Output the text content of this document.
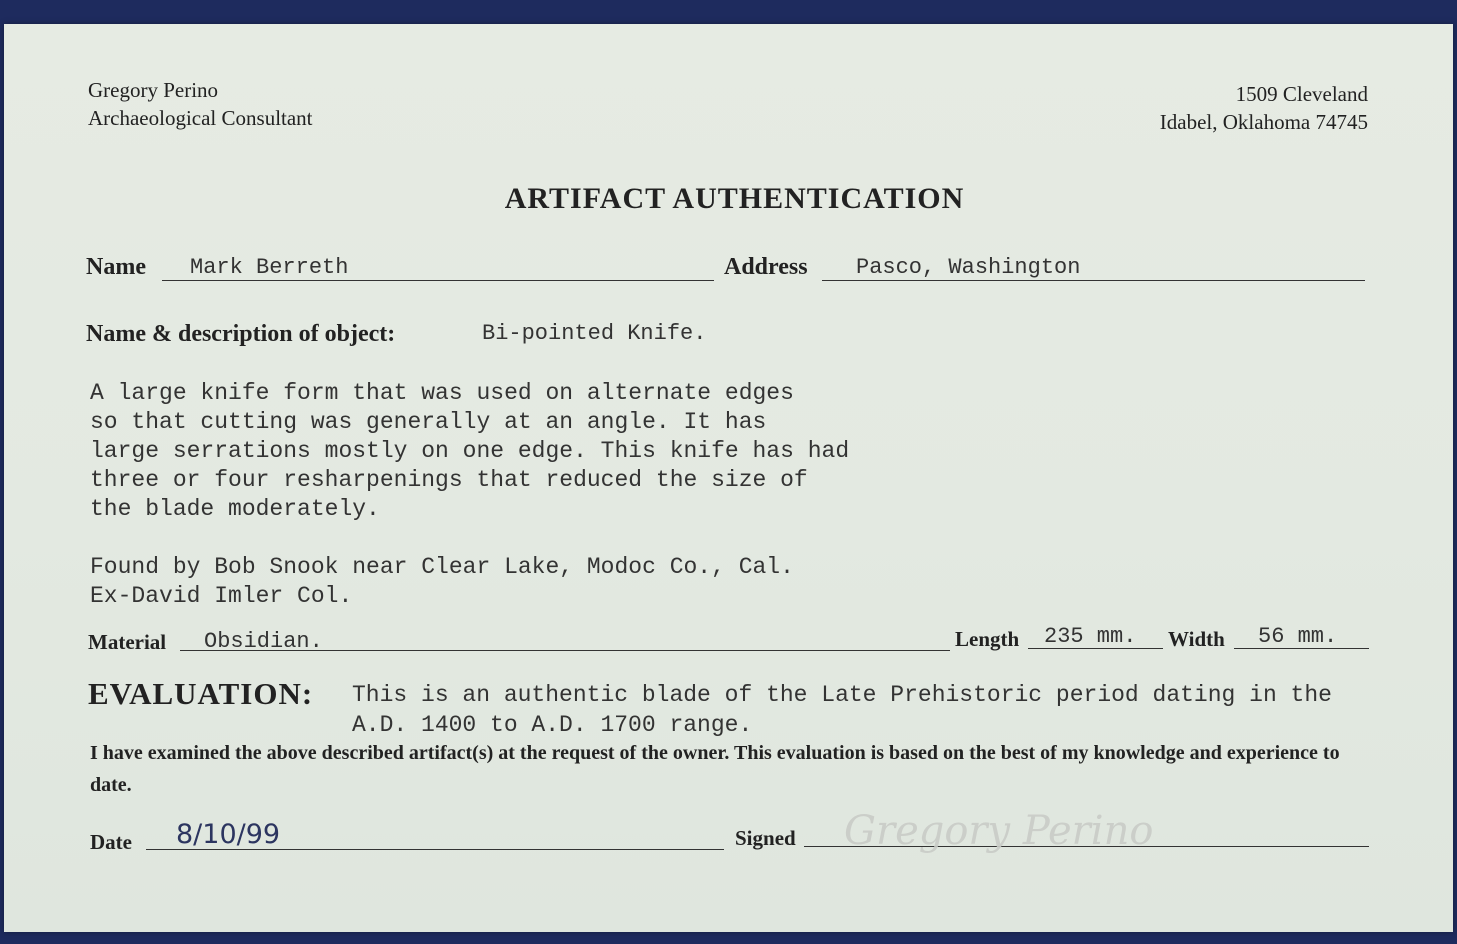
Gregory Perino
Archaeological Consultant
1509 Cleveland
Idabel, Oklahoma 74745
ARTIFACT AUTHENTICATION
Name Mark Berreth	Address Pasco, Washington
Name & description of object:	Bi-pointed Knife.
A large knife form that was used on alternate edges
so that cutting was generally at an angle. It has
large serrations mostly on one edge. This knife has had
three or four resharpenings that reduced the size of
the blade moderately.
Found by Bob Snook near Clear Lake, Modoc Co., Cal.
Ex-David Imler Col.
Material Obsidian.	Length 235 mm. Width 56 mm.
EVALUATION: This is an authentic blade of the Late Prehistoric period dating in the
A.D. 1400 to A.D. 1700 range.
I have examined the above described artifact(s) at the request of the owner. This evaluation is based on the best of my knowledge and experience to date.
Date 8/10/99	Signed Gregory Perino
